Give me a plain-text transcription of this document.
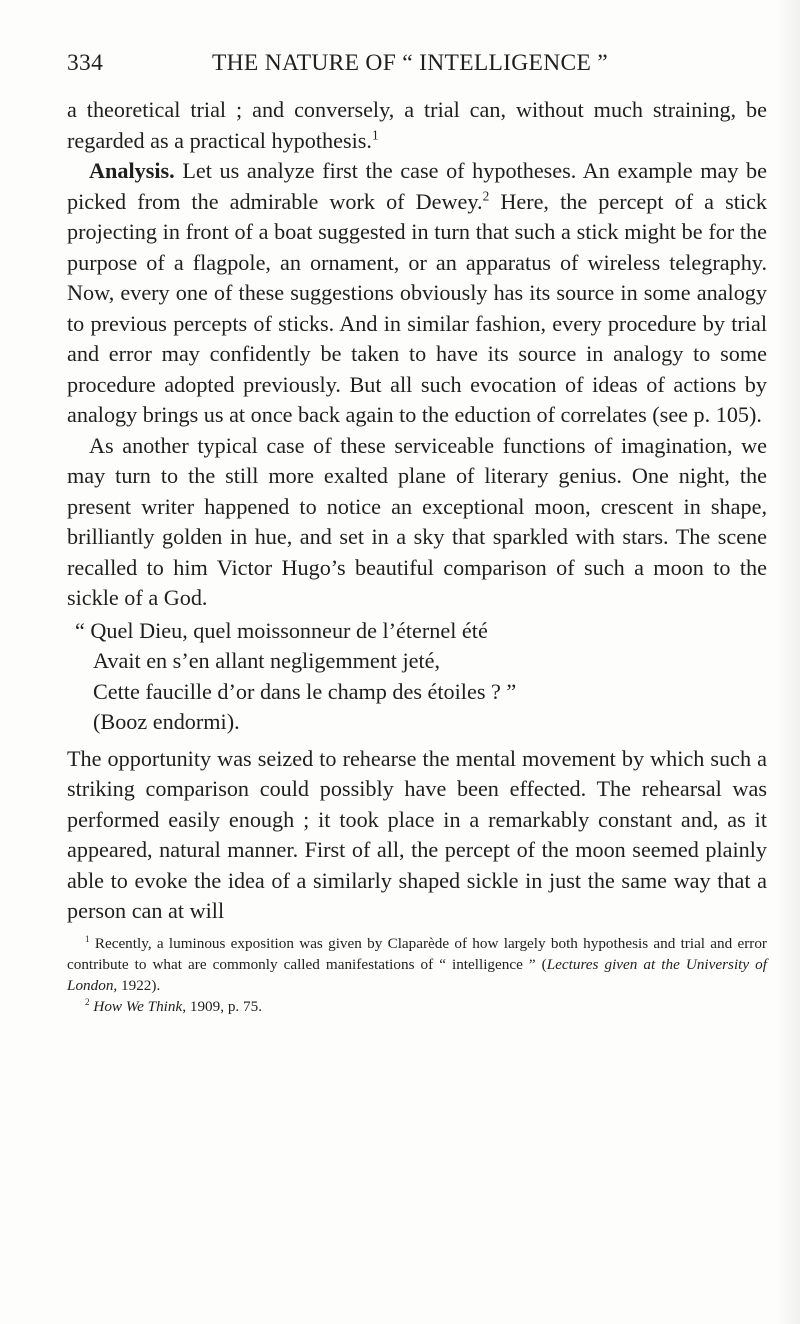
334	THE NATURE OF “ INTELLIGENCE ”

a theoretical trial ; and conversely, a trial can, without much straining, be regarded as a practical hypothesis.$^1$

Analysis. Let us analyze first the case of hypotheses. An example may be picked from the admirable work of Dewey.$^2$ Here, the percept of a stick projecting in front of a boat suggested in turn that such a stick might be for the purpose of a flagpole, an ornament, or an apparatus of wireless telegraphy. Now, every one of these suggestions obviously has its source in some analogy to previous percepts of sticks. And in similar fashion, every procedure by trial and error may confidently be taken to have its source in analogy to some procedure adopted previously. But all such evocation of ideas of actions by analogy brings us at once back again to the eduction of correlates (see p. 105).

As another typical case of these serviceable functions of imagination, we may turn to the still more exalted plane of literary genius. One night, the present writer happened to notice an exceptional moon, crescent in shape, brilliantly golden in hue, and set in a sky that sparkled with stars. The scene recalled to him Victor Hugo’s beautiful comparison of such a moon to the sickle of a God.

“ Quel Dieu, quel moissonneur de l’éternel été
Avait en s’en allant negligemment jeté,
Cette faucille d’or dans le champ des étoiles ? ”
(Booz endormi).

The opportunity was seized to rehearse the mental movement by which such a striking comparison could possibly have been effected. The rehearsal was performed easily enough ; it took place in a remarkably constant and, as it appeared, natural manner. First of all, the percept of the moon seemed plainly able to evoke the idea of a similarly shaped sickle in just the same way that a person can at will

$^1$ Recently, a luminous exposition was given by Claparède of how largely both hypothesis and trial and error contribute to what are commonly called manifestations of “ intelligence ” (Lectures given at the University of London, 1922).

$^2$ How We Think, 1909, p. 75.
